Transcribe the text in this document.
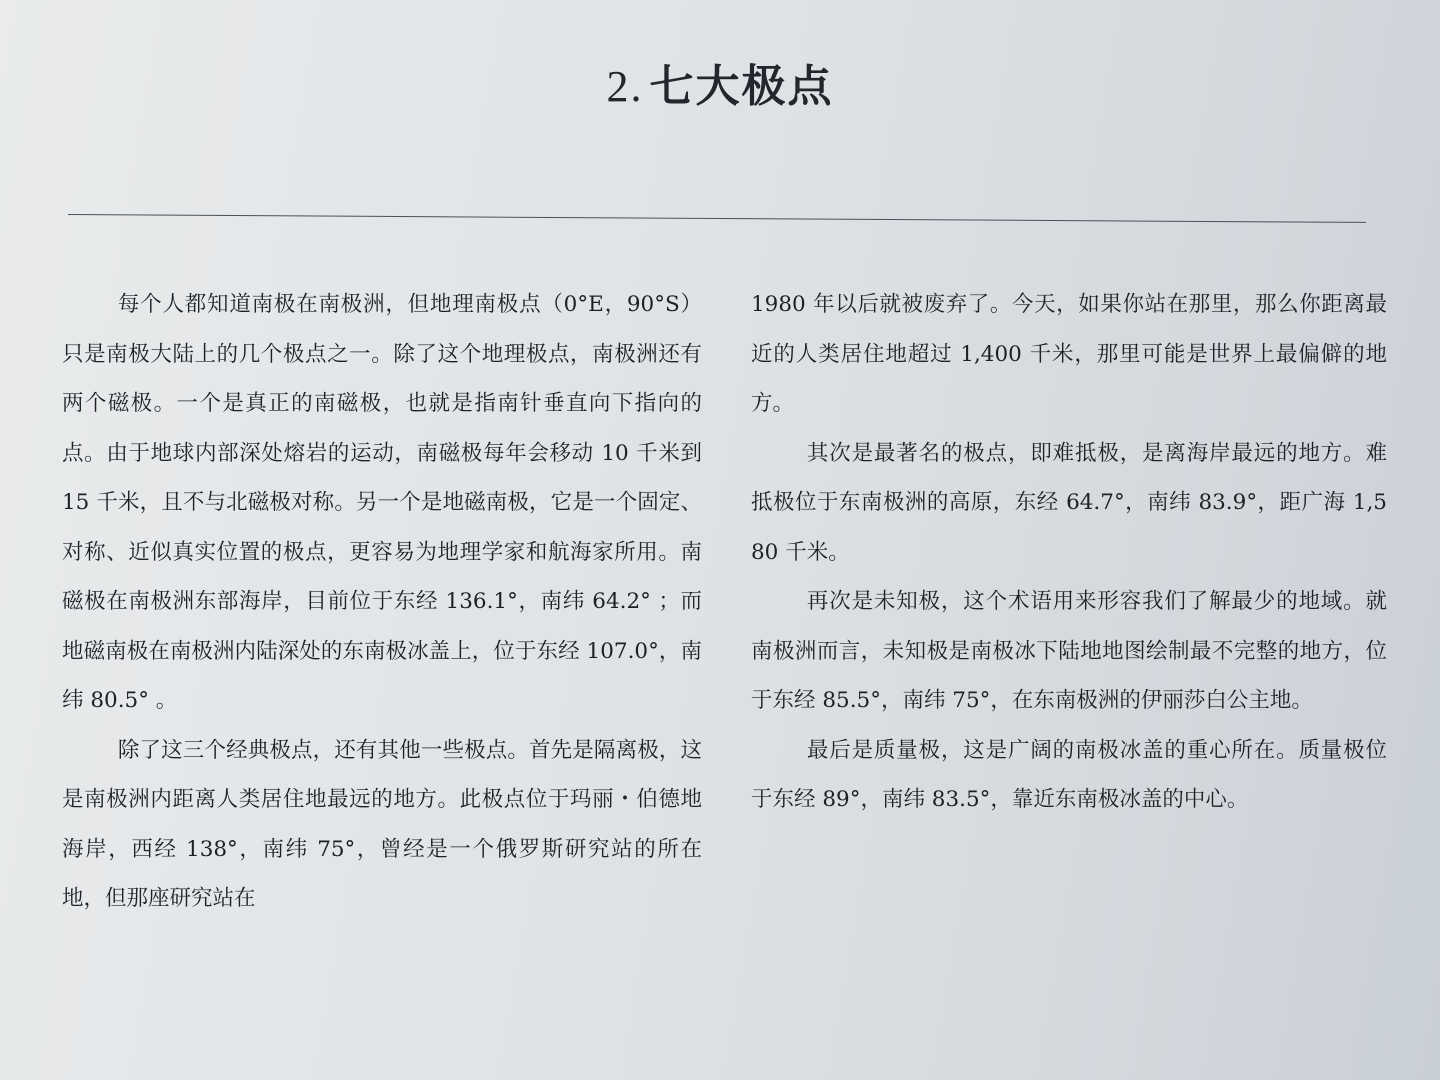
2. 七大极点

每个人都知道南极在南极洲，但地理南极点（0°E，90°S）只是南极大陆上的几个极点之一。除了这个地理极点，南极洲还有两个磁极。一个是真正的南磁极，也就是指南针垂直向下指向的点。由于地球内部深处熔岩的运动，南磁极每年会移动 10 千米到 15 千米，且不与北磁极对称。另一个是地磁南极，它是一个固定、对称、近似真实位置的极点，更容易为地理学家和航海家所用。南磁极在南极洲东部海岸，目前位于东经 136.1°，南纬 64.2° ；而地磁南极在南极洲内陆深处的东南极冰盖上，位于东经 107.0°，南纬 80.5° 。

除了这三个经典极点，还有其他一些极点。首先是隔离极，这是南极洲内距离人类居住地最远的地方。此极点位于玛丽・伯德地海岸，西经 138°，南纬 75°，曾经是一个俄罗斯研究站的所在地，但那座研究站在

1980 年以后就被废弃了。今天，如果你站在那里，那么你距离最近的人类居住地超过 1,400 千米，那里可能是世界上最偏僻的地方。

其次是最著名的极点，即难抵极，是离海岸最远的地方。难抵极位于东南极洲的高原，东经 64.7°，南纬 83.9°，距广海 1,580 千米。

再次是未知极，这个术语用来形容我们了解最少的地域。就南极洲而言，未知极是南极冰下陆地地图绘制最不完整的地方，位于东经 85.5°，南纬 75°，在东南极洲的伊丽莎白公主地。

最后是质量极，这是广阔的南极冰盖的重心所在。质量极位于东经 89°，南纬 83.5°，靠近东南极冰盖的中心。
